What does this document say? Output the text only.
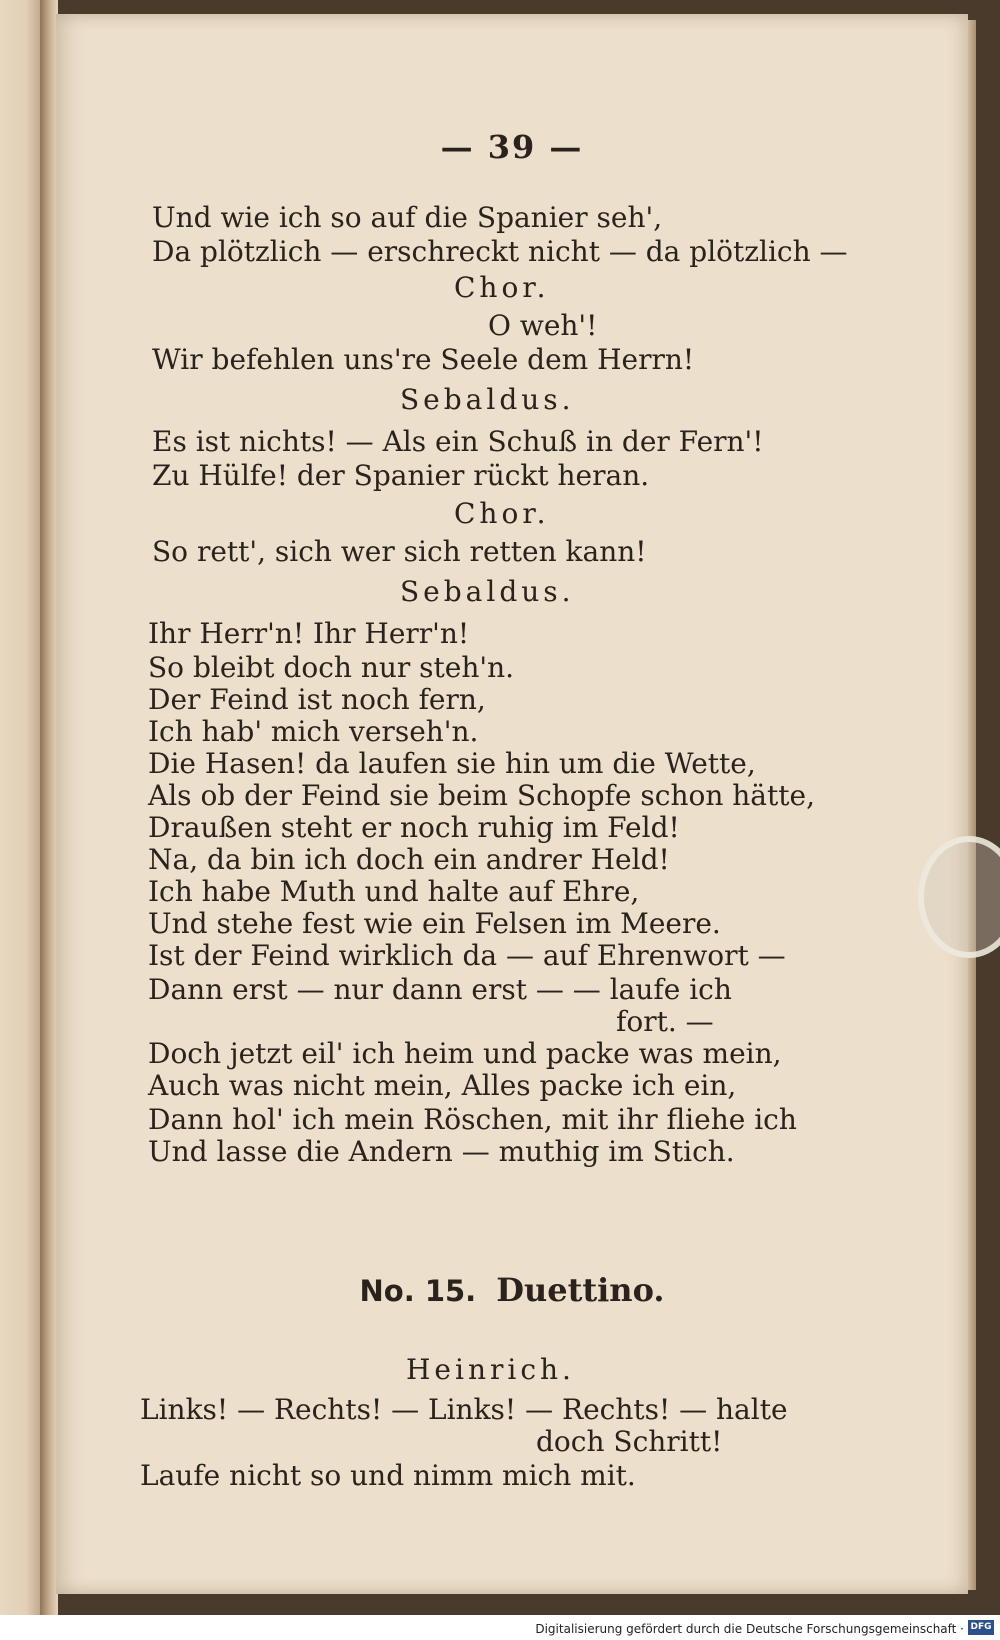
— 39 —
Und wie ich so auf die Spanier seh',
Da plötzlich — erschreckt nicht — da plötzlich —
Chor.
O weh'!
Wir befehlen uns're Seele dem Herrn!
Sebaldus.
Es ist nichts! — Als ein Schuß in der Fern'!
Zu Hülfe! der Spanier rückt heran.
Chor.
So rett', sich wer sich retten kann!
Sebaldus.
Ihr Herr'n! Ihr Herr'n!
So bleibt doch nur steh'n.
Der Feind ist noch fern,
Ich hab' mich verseh'n.
Die Hasen! da laufen sie hin um die Wette,
Als ob der Feind sie beim Schopfe schon hätte,
Draußen steht er noch ruhig im Feld!
Na, da bin ich doch ein andrer Held!
Ich habe Muth und halte auf Ehre,
Und stehe fest wie ein Felsen im Meere.
Ist der Feind wirklich da — auf Ehrenwort —
Dann erst — nur dann erst — — laufe ich
fort. —
Doch jetzt eil' ich heim und packe was mein,
Auch was nicht mein, Alles packe ich ein,
Dann hol' ich mein Röschen, mit ihr fliehe ich
Und lasse die Andern — muthig im Stich.
No. 15. Duettino.
Heinrich.
Links! — Rechts! — Links! — Rechts! — halte
doch Schritt!
Laufe nicht so und nimm mich mit.
Digitalisierung gefördert durch die Deutsche Forschungsgemeinschaft · DFG
